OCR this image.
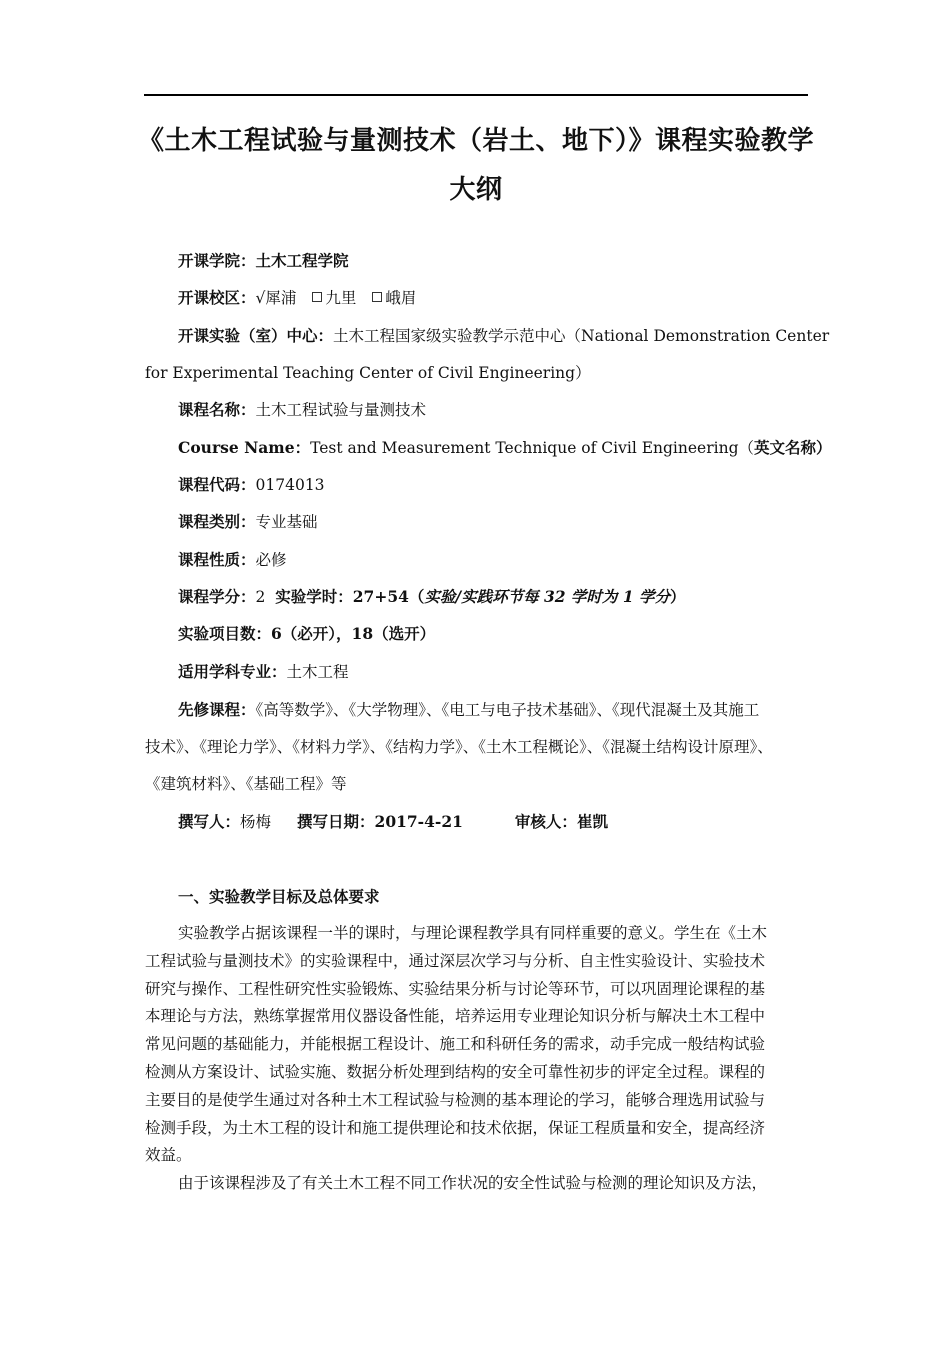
《土木工程试验与量测技术（岩土、地下）》课程实验教学
大纲
开课学院：土木工程学院
开课校区：√犀浦 九里 峨眉
开课实验（室）中心：土木工程国家级实验教学示范中心（National Demonstration Center
for Experimental Teaching Center of Civil Engineering）
课程名称：土木工程试验与量测技术
Course Name：Test and Measurement Technique of Civil Engineering（英文名称）
课程代码：0174013
课程类别：专业基础
课程性质：必修
课程学分：2 实验学时：27+54（实验/实践环节每 32 学时为 1 学分）
实验项目数：6（必开），18（选开）
适用学科专业：土木工程
先修课程：《高等数学》、《大学物理》、《电工与电子技术基础》、《现代混凝土及其施工
技术》、《理论力学》、《材料力学》、《结构力学》、《土木工程概论》、《混凝土结构设计原理》、
《建筑材料》、《基础工程》等
撰写人：杨梅 撰写日期：2017-4-21	审核人：崔凯
一、实验教学目标及总体要求
实验教学占据该课程一半的课时，与理论课程教学具有同样重要的意义。学生在《土木
工程试验与量测技术》的实验课程中，通过深层次学习与分析、自主性实验设计、实验技术
研究与操作、工程性研究性实验锻炼、实验结果分析与讨论等环节，可以巩固理论课程的基
本理论与方法，熟练掌握常用仪器设备性能，培养运用专业理论知识分析与解决土木工程中
常见问题的基础能力，并能根据工程设计、施工和科研任务的需求，动手完成一般结构试验
检测从方案设计、试验实施、数据分析处理到结构的安全可靠性初步的评定全过程。课程的
主要目的是使学生通过对各种土木工程试验与检测的基本理论的学习，能够合理选用试验与
检测手段，为土木工程的设计和施工提供理论和技术依据，保证工程质量和安全，提高经济
效益。
由于该课程涉及了有关土木工程不同工作状况的安全性试验与检测的理论知识及方法，
